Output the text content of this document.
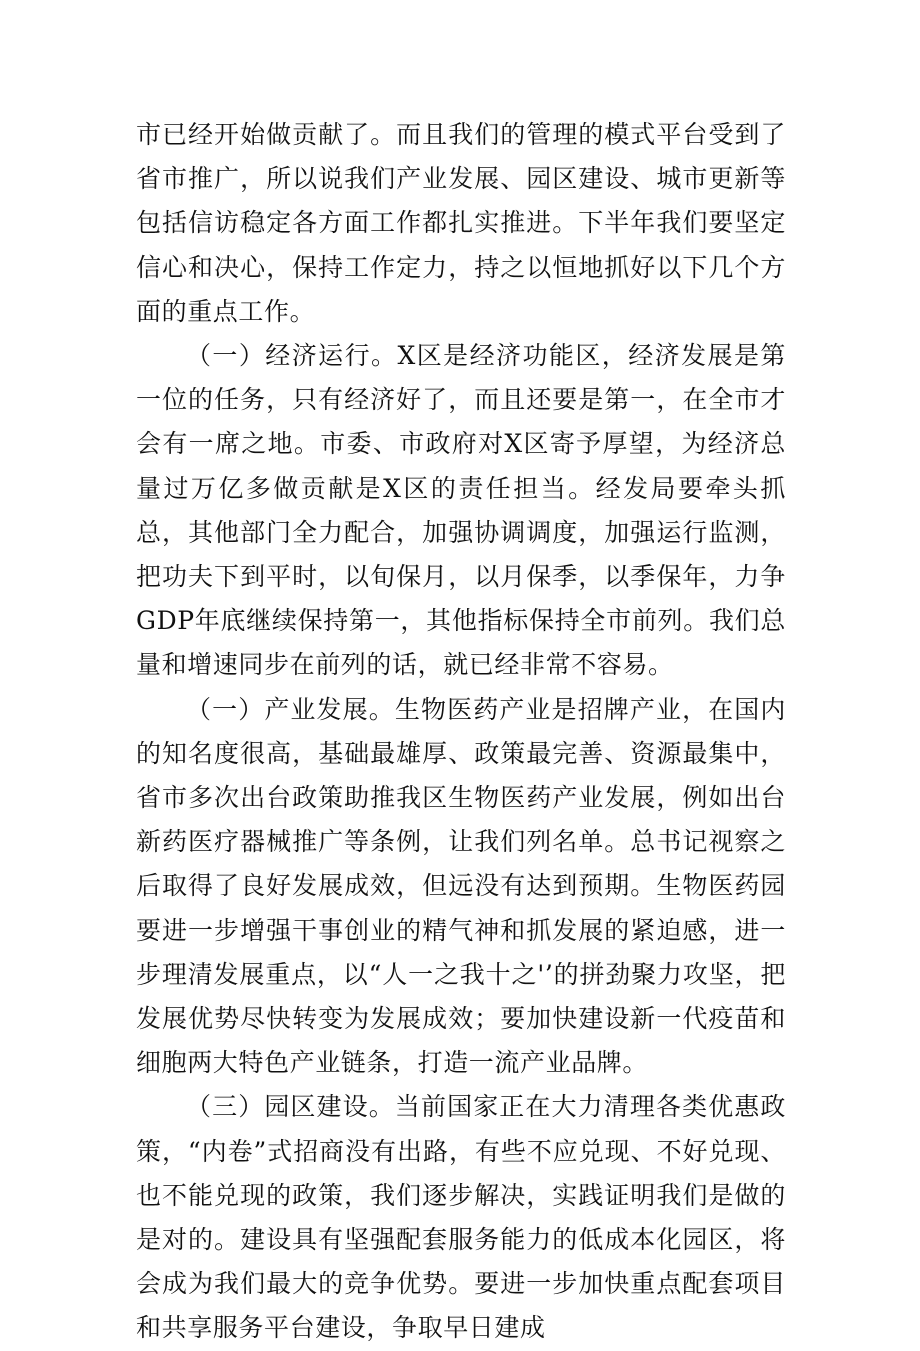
市已经开始做贡献了。而且我们的管理的模式平台受到了省市推广，所以说我们产业发展、园区建设、城市更新等包括信访稳定各方面工作都扎实推进。下半年我们要坚定信心和决心，保持工作定力，持之以恒地抓好以下几个方面的重点工作。

（一）经济运行。X区是经济功能区，经济发展是第一位的任务，只有经济好了，而且还要是第一，在全市才会有一席之地。市委、市政府对X区寄予厚望，为经济总量过万亿多做贡献是X区的责任担当。经发局要牵头抓总，其他部门全力配合，加强协调调度，加强运行监测，把功夫下到平时，以旬保月，以月保季，以季保年，力争GDP年底继续保持第一，其他指标保持全市前列。我们总量和增速同步在前列的话，就已经非常不容易。

（一）产业发展。生物医药产业是招牌产业，在国内的知名度很高，基础最雄厚、政策最完善、资源最集中，省市多次出台政策助推我区生物医药产业发展，例如出台新药医疗器械推广等条例，让我们列名单。总书记视察之后取得了良好发展成效，但远没有达到预期。生物医药园要进一步增强干事创业的精气神和抓发展的紧迫感，进一步理清发展重点，以“人一之我十之'’的拼劲聚力攻坚，把发展优势尽快转变为发展成效；要加快建设新一代疫苗和细胞两大特色产业链条，打造一流产业品牌。

（三）园区建设。当前国家正在大力清理各类优惠政策，“内卷”式招商没有出路，有些不应兑现、不好兑现、也不能兑现的政策，我们逐步解决，实践证明我们是做的是对的。建设具有坚强配套服务能力的低成本化园区，将会成为我们最大的竞争优势。要进一步加快重点配套项目和共享服务平台建设，争取早日建成
